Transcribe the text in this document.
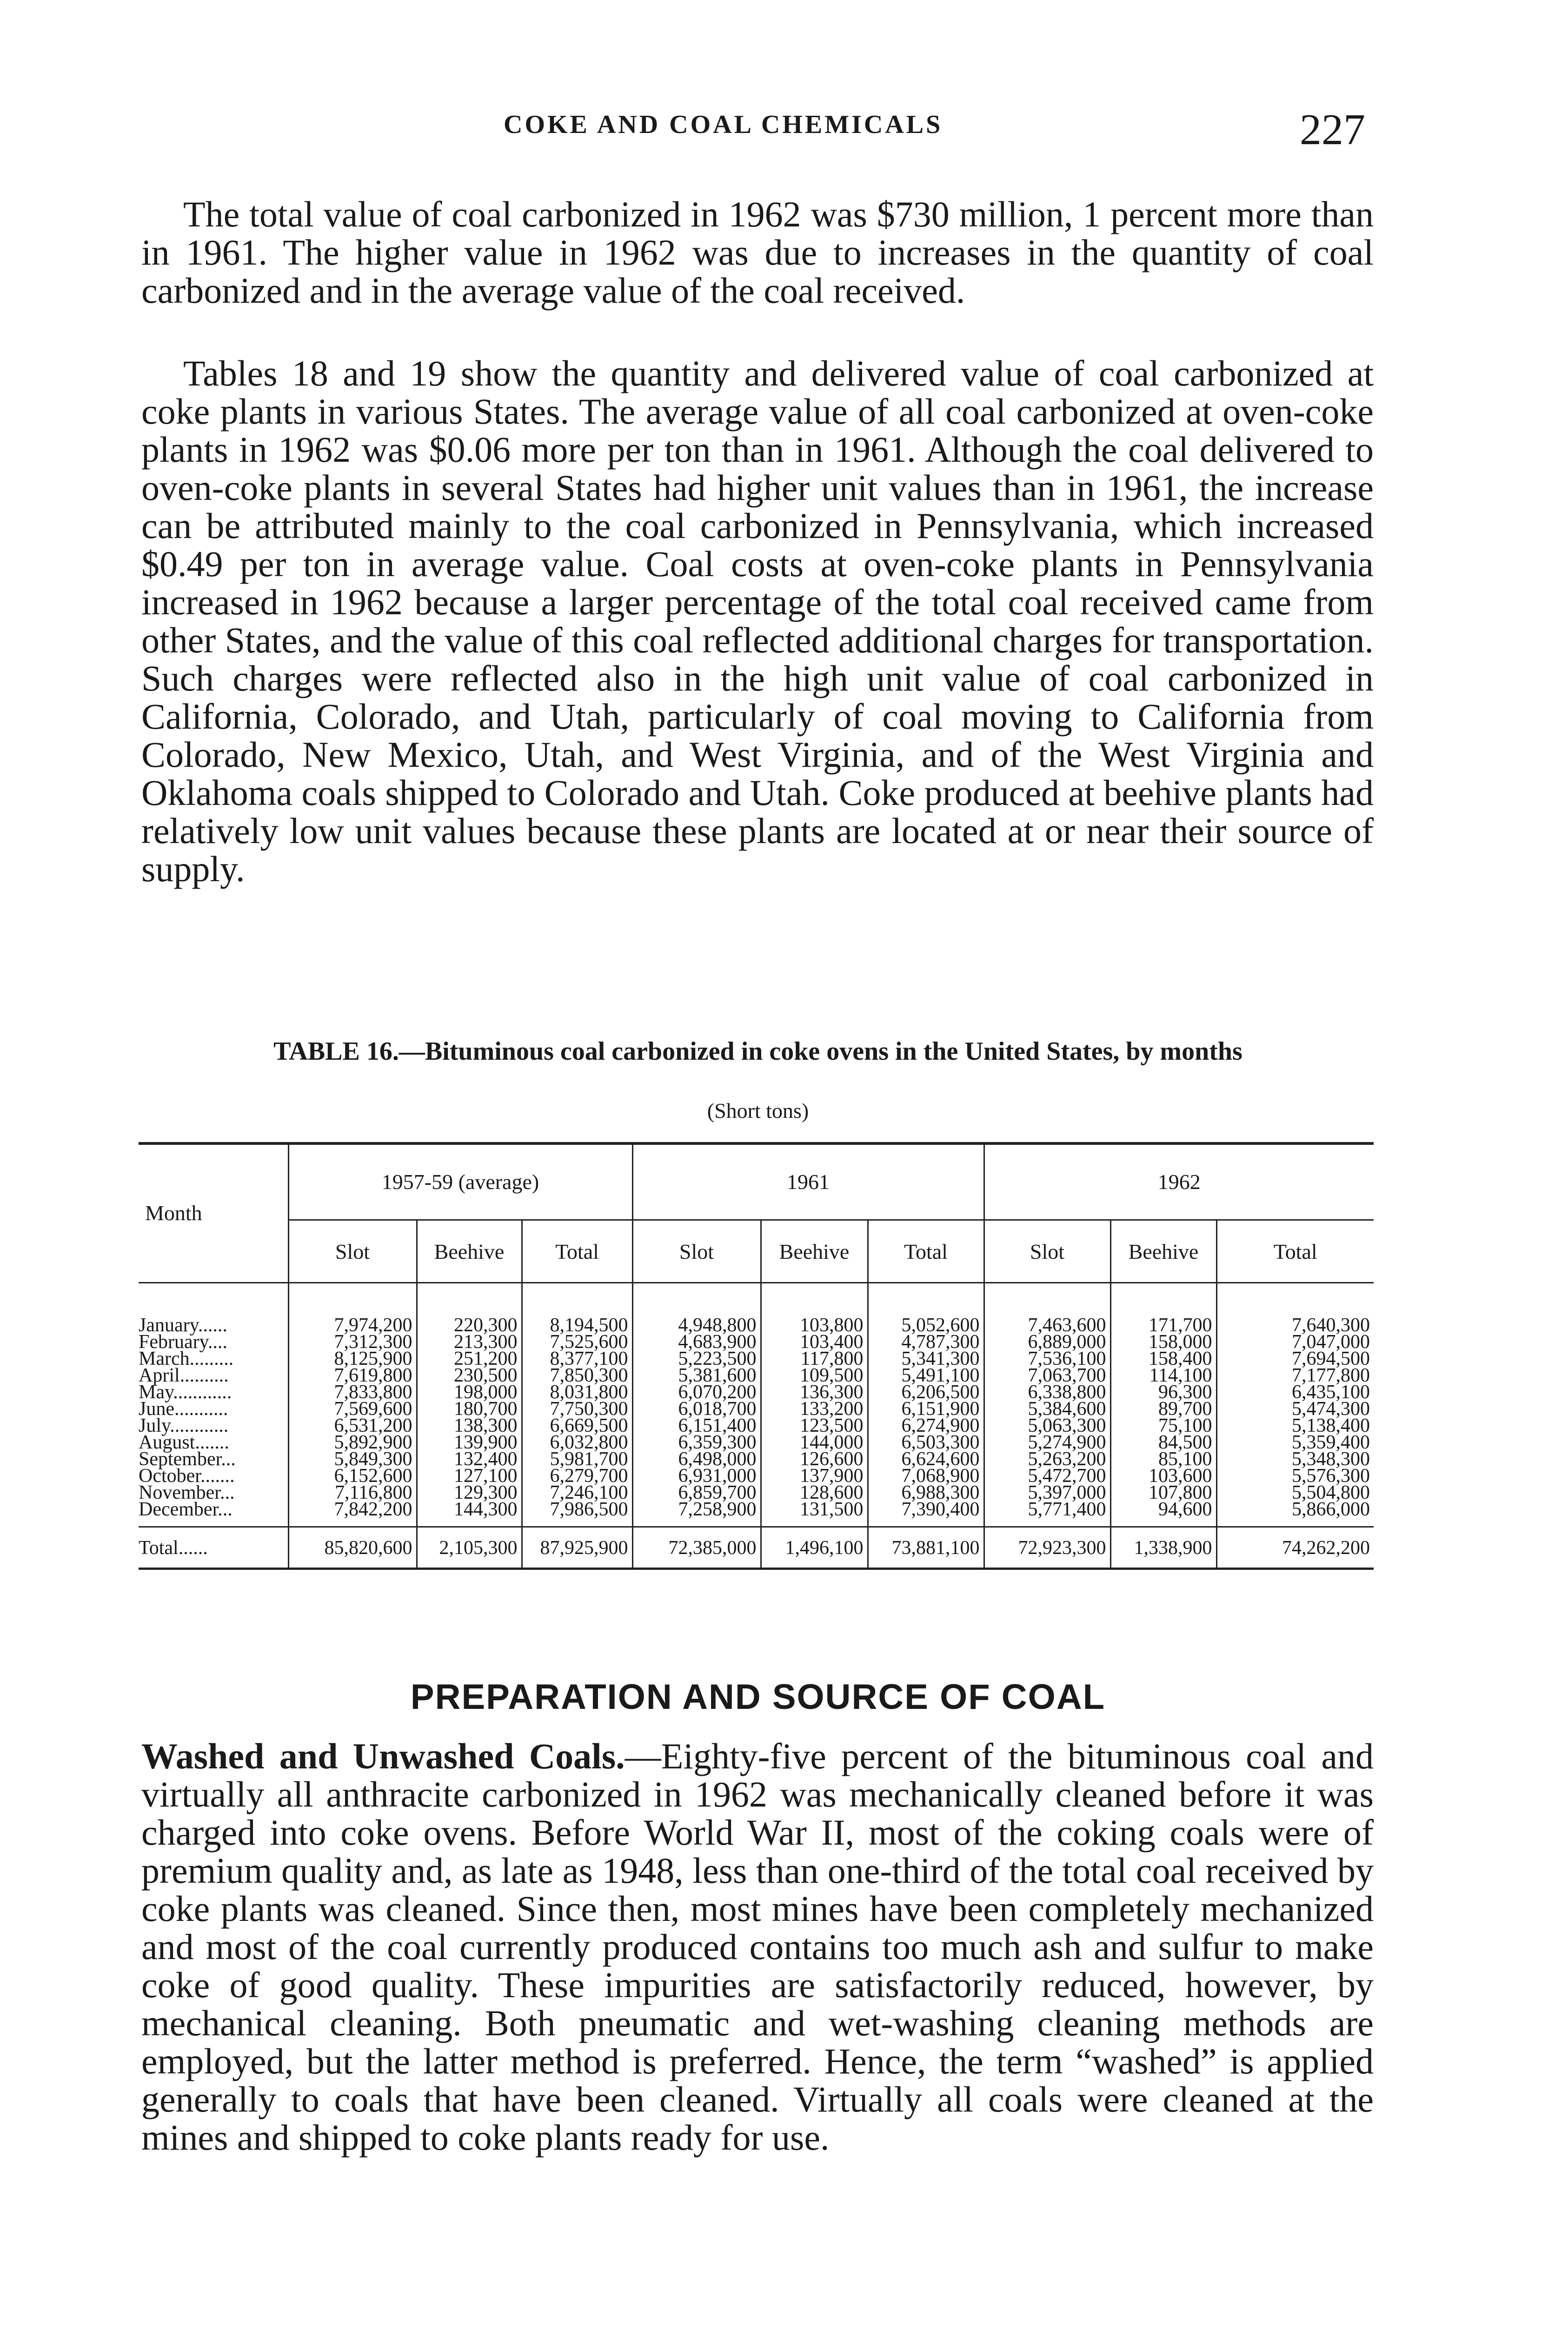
COKE AND COAL CHEMICALS	227

The total value of coal carbonized in 1962 was $730 million, 1 percent more than in 1961. The higher value in 1962 was due to increases in the quantity of coal carbonized and in the average value of the coal received.

Tables 18 and 19 show the quantity and delivered value of coal carbonized at coke plants in various States. The average value of all coal carbonized at oven-coke plants in 1962 was $0.06 more per ton than in 1961. Although the coal delivered to oven-coke plants in several States had higher unit values than in 1961, the increase can be attributed mainly to the coal carbonized in Pennsylvania, which increased $0.49 per ton in average value. Coal costs at oven-coke plants in Pennsylvania increased in 1962 because a larger percentage of the total coal received came from other States, and the value of this coal reflected additional charges for transportation. Such charges were reflected also in the high unit value of coal carbonized in California, Colorado, and Utah, particularly of coal moving to California from Colorado, New Mexico, Utah, and West Virginia, and of the West Virginia and Oklahoma coals shipped to Colorado and Utah. Coke produced at beehive plants had relatively low unit values because these plants are located at or near their source of supply.

TABLE 16.—Bituminous coal carbonized in coke ovens in the United States, by months
(Short tons)
Month	1957-59 (average)			1961			1962		
	Slot	Beehive	Total	Slot	Beehive	Total	Slot	Beehive	Total
January......	7,974,200	220,300	8,194,500	4,948,800	103,800	5,052,600	7,463,600	171,700	7,640,300
February....	7,312,300	213,300	7,525,600	4,683,900	103,400	4,787,300	6,889,000	158,000	7,047,000
March.........	8,125,900	251,200	8,377,100	5,223,500	117,800	5,341,300	7,536,100	158,400	7,694,500
April..........	7,619,800	230,500	7,850,300	5,381,600	109,500	5,491,100	7,063,700	114,100	7,177,800
May............	7,833,800	198,000	8,031,800	6,070,200	136,300	6,206,500	6,338,800	96,300	6,435,100
June...........	7,569,600	180,700	7,750,300	6,018,700	133,200	6,151,900	5,384,600	89,700	5,474,300
July............	6,531,200	138,300	6,669,500	6,151,400	123,500	6,274,900	5,063,300	75,100	5,138,400
August.......	5,892,900	139,900	6,032,800	6,359,300	144,000	6,503,300	5,274,900	84,500	5,359,400
September...	5,849,300	132,400	5,981,700	6,498,000	126,600	6,624,600	5,263,200	85,100	5,348,300
October.......	6,152,600	127,100	6,279,700	6,931,000	137,900	7,068,900	5,472,700	103,600	5,576,300
November...	7,116,800	129,300	7,246,100	6,859,700	128,600	6,988,300	5,397,000	107,800	5,504,800
December...	7,842,200	144,300	7,986,500	7,258,900	131,500	7,390,400	5,771,400	94,600	5,866,000
Total......	85,820,600	2,105,300	87,925,900	72,385,000	1,496,100	73,881,100	72,923,300	1,338,900	74,262,200
PREPARATION AND SOURCE OF COAL

Washed and Unwashed Coals.—Eighty-five percent of the bituminous coal and virtually all anthracite carbonized in 1962 was mechanically cleaned before it was charged into coke ovens. Before World War II, most of the coking coals were of premium quality and, as late as 1948, less than one-third of the total coal received by coke plants was cleaned. Since then, most mines have been completely mechanized and most of the coal currently produced contains too much ash and sulfur to make coke of good quality. These impurities are satisfactorily reduced, however, by mechanical cleaning. Both pneumatic and wet-washing cleaning methods are employed, but the latter method is preferred. Hence, the term “washed” is applied generally to coals that have been cleaned. Virtually all coals were cleaned at the mines and shipped to coke plants ready for use.
